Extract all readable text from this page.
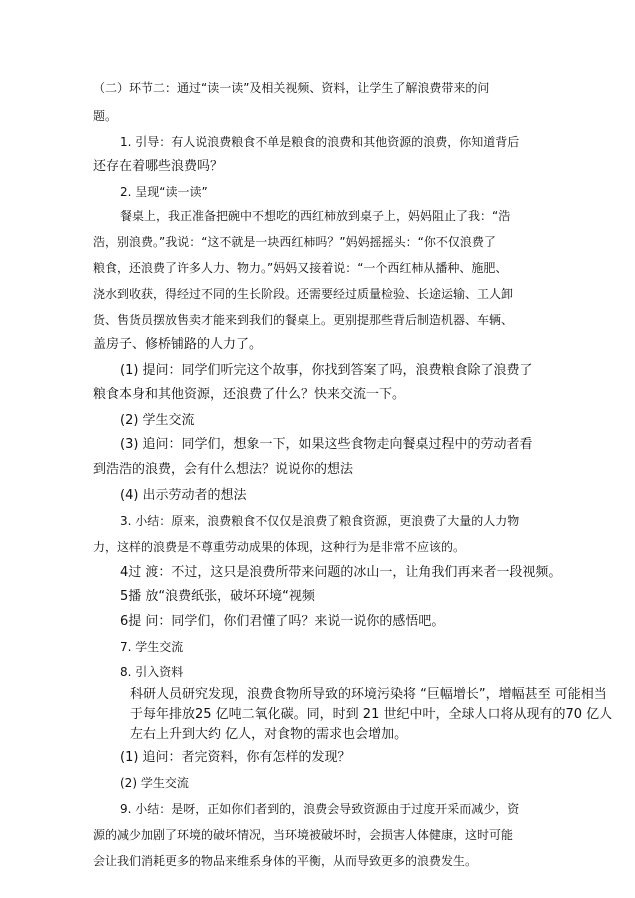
（二）环节二：通过“读一读”及相关视频、资料，让学生了解浪费带来的问
题。
1. 引导：有人说浪费粮食不单是粮食的浪费和其他资源的浪费，你知道背后
还存在着哪些浪费吗？
2. 呈现“读一读”
餐桌上，我正准备把碗中不想吃的西红柿放到桌子上，妈妈阻止了我：“浩
浩，别浪费。”我说：“这不就是一块西红柿吗？”妈妈摇摇头：“你不仅浪费了
粮食，还浪费了许多人力、物力。”妈妈又接着说：“一个西红柿从播种、施肥、
浇水到收获，得经过不同的生长阶段。还需要经过质量检验、长途运输、工人卸
货、售货员摆放售卖才能来到我们的餐桌上。更别提那些背后制造机器、车辆、
盖房子、修桥铺路的人力了。
(1) 提问：同学们听完这个故事，你找到答案了吗，浪费粮食除了浪费了
粮食本身和其他资源，还浪费了什么？快来交流一下。
(2) 学生交流
(3) 追问：同学们，想象一下，如果这些食物走向餐桌过程中的劳动者看
到浩浩的浪费，会有什么想法？说说你的想法
(4) 出示劳动者的想法
3. 小结：原来，浪费粮食不仅仅是浪费了粮食资源，更浪费了大量的人力物
力，这样的浪费是不尊重劳动成果的体现，这种行为是非常不应该的。
4过 渡：不过，这只是浪费所带来问题的冰山一，让角我们再来者一段视频。
5播 放“浪费纸张，破坏环境“视频
6提 问：同学们，你们君懂了吗？来说一说你的感悟吧。
7. 学生交流
8. 引入资料
科研人员研究发现，浪费食物所导致的环境污染将 “巨幅增长”，增幅甚至 可能相当
于每年排放25 亿吨二氧化碳。同，时到 21 世纪中叶，全球人口将从现有的70 亿人
左右上升到大约 亿人，对食物的需求也会增加。
(1) 追问：者完资料，你有怎样的发现？
(2) 学生交流
9. 小结：是呀，正如你们者到的，浪费会导致资源由于过度开采而减少，资
源的减少加剧了环境的破坏情况，当环境被破坏时，会损害人体健康，这时可能
会让我们消耗更多的物品来维系身体的平衡，从而导致更多的浪费发生。
